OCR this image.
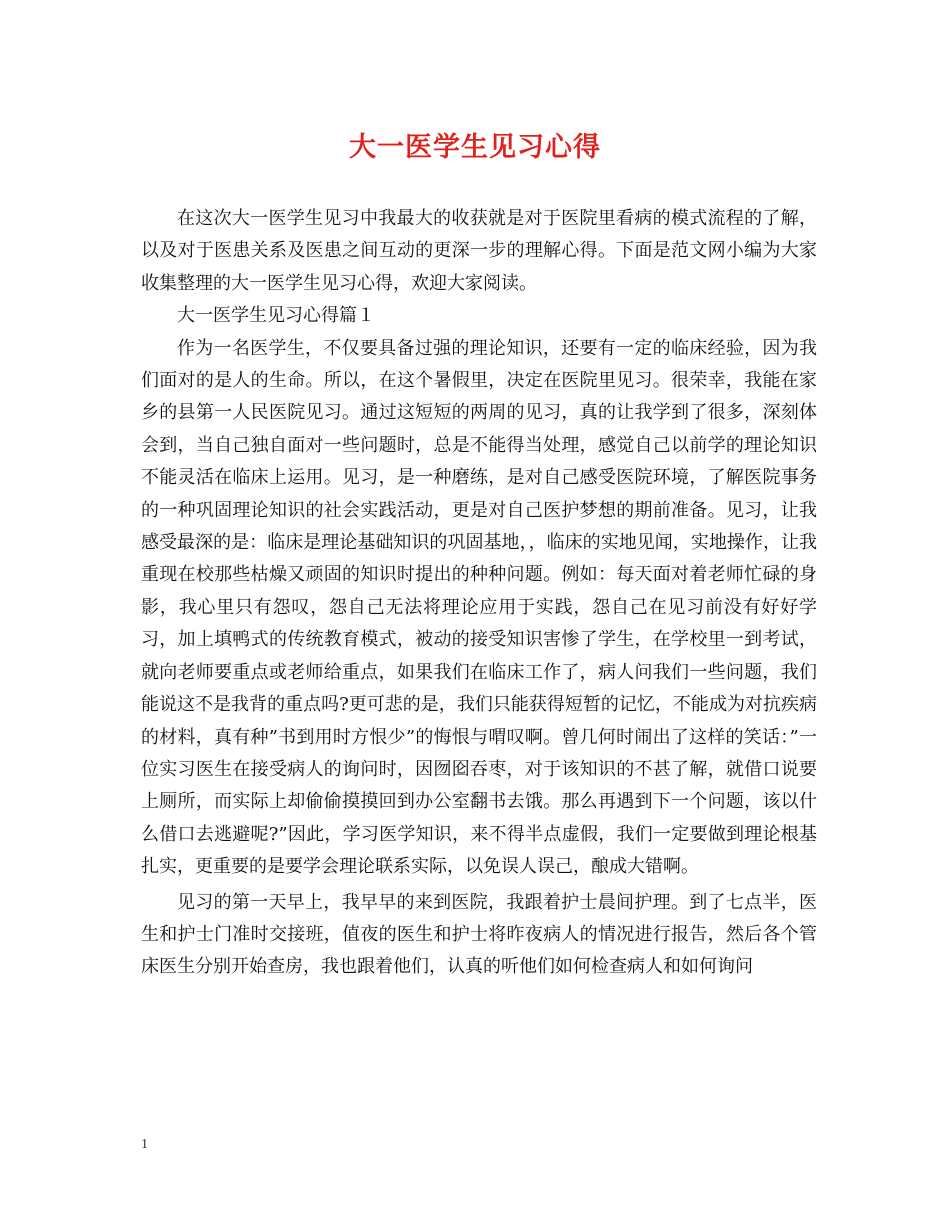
大一医学生见习心得

在这次大一医学生见习中我最大的收获就是对于医院里看病的模式流程的了解，以及对于医患关系及医患之间互动的更深一步的理解心得。下面是范文网小编为大家收集整理的大一医学生见习心得，欢迎大家阅读。

大一医学生见习心得篇１

作为一名医学生，不仅要具备过强的理论知识，还要有一定的临床经验，因为我们面对的是人的生命。所以，在这个暑假里，决定在医院里见习。很荣幸，我能在家乡的县第一人民医院见习。通过这短短的两周的见习，真的让我学到了很多，深刻体会到，当自己独自面对一些问题时，总是不能得当处理，感觉自己以前学的理论知识不能灵活在临床上运用。见习，是一种磨练，是对自己感受医院环境，了解医院事务的一种巩固理论知识的社会实践活动，更是对自己医护梦想的期前准备。见习，让我感受最深的是：临床是理论基础知识的巩固基地，，临床的实地见闻，实地操作，让我重现在校那些枯燥又顽固的知识时提出的种种问题。例如：每天面对着老师忙碌的身影，我心里只有怨叹，怨自己无法将理论应用于实践，怨自己在见习前没有好好学习，加上填鸭式的传统教育模式，被动的接受知识害惨了学生，在学校里一到考试，就向老师要重点或老师给重点，如果我们在临床工作了，病人问我们一些问题，我们能说这不是我背的重点吗?更可悲的是，我们只能获得短暂的记忆，不能成为对抗疾病的材料，真有种”书到用时方恨少”的悔恨与喟叹啊。曾几何时闹出了这样的笑话：”一位实习医生在接受病人的询问时，因囫囵吞枣，对于该知识的不甚了解，就借口说要上厕所，而实际上却偷偷摸摸回到办公室翻书去饿。那么再遇到下一个问题，该以什么借口去逃避呢?”因此，学习医学知识，来不得半点虚假，我们一定要做到理论根基扎实，更重要的是要学会理论联系实际，以免误人误己，酿成大错啊。

见习的第一天早上，我早早的来到医院，我跟着护士晨间护理。到了七点半，医生和护士门准时交接班，值夜的医生和护士将昨夜病人的情况进行报告，然后各个管床医生分别开始查房，我也跟着他们，认真的听他们如何检查病人和如何询问

1
